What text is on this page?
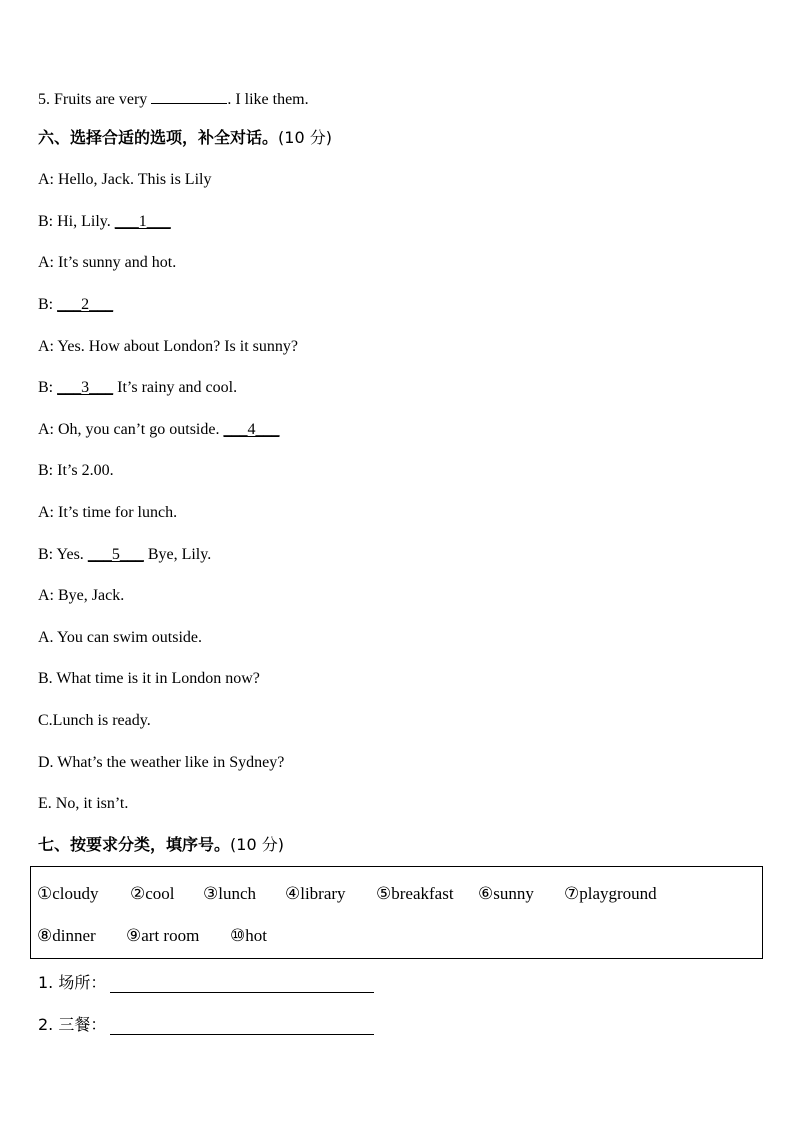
5. Fruits are very	. I like them.
六、选择合适的选项，补全对话。(10 分)
A: Hello, Jack. This is Lily
B: Hi, Lily. ___1___
A: It’s sunny and hot.
B: ___2___
A: Yes. How about London? Is it sunny?
B: ___3___ It’s rainy and cool.
A: Oh, you can’t go outside. ___4___
B: It’s 2.00.
A: It’s time for lunch.
B: Yes. ___5___ Bye, Lily.
A: Bye, Jack.
A. You can swim outside.
B. What time is it in London now?
C.Lunch is ready.
D. What’s the weather like in Sydney?
E. No, it isn’t.
七、按要求分类，填序号。(10 分)
①cloudy ②cool ③lunch ④library ⑤breakfast ⑥sunny ⑦playground
⑧dinner ⑨art room ⑩hot
1. 场所：
2. 三餐：
